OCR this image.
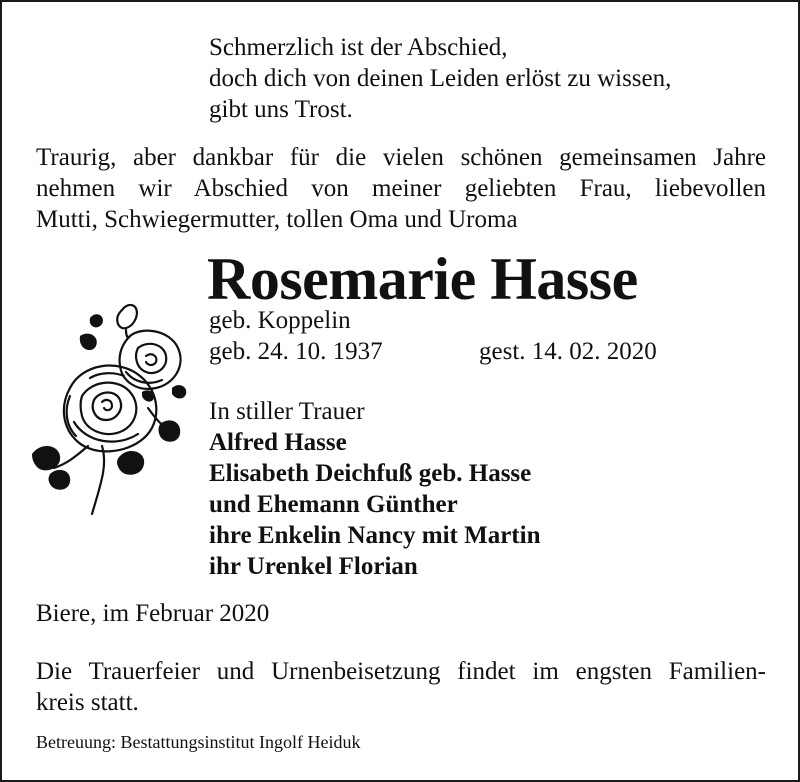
Schmerzlich ist der Abschied,
doch dich von deinen Leiden erlöst zu wissen,
gibt uns Trost.
Traurig, aber dankbar für die vielen schönen gemeinsamen Jahre
nehmen wir Abschied von meiner geliebten Frau, liebevollen
Mutti, Schwiegermutter, tollen Oma und Uroma
Rosemarie Hasse
geb. Koppelin
geb. 24. 10. 1937	gest. 14. 02. 2020
In stiller Trauer
Alfred Hasse
Elisabeth Deichfuß geb. Hasse
und Ehemann Günther
ihre Enkelin Nancy mit Martin
ihr Urenkel Florian
Biere, im Februar 2020
Die Trauerfeier und Urnenbeisetzung findet im engsten Familien-
kreis statt.
Betreuung: Bestattungsinstitut Ingolf Heiduk
